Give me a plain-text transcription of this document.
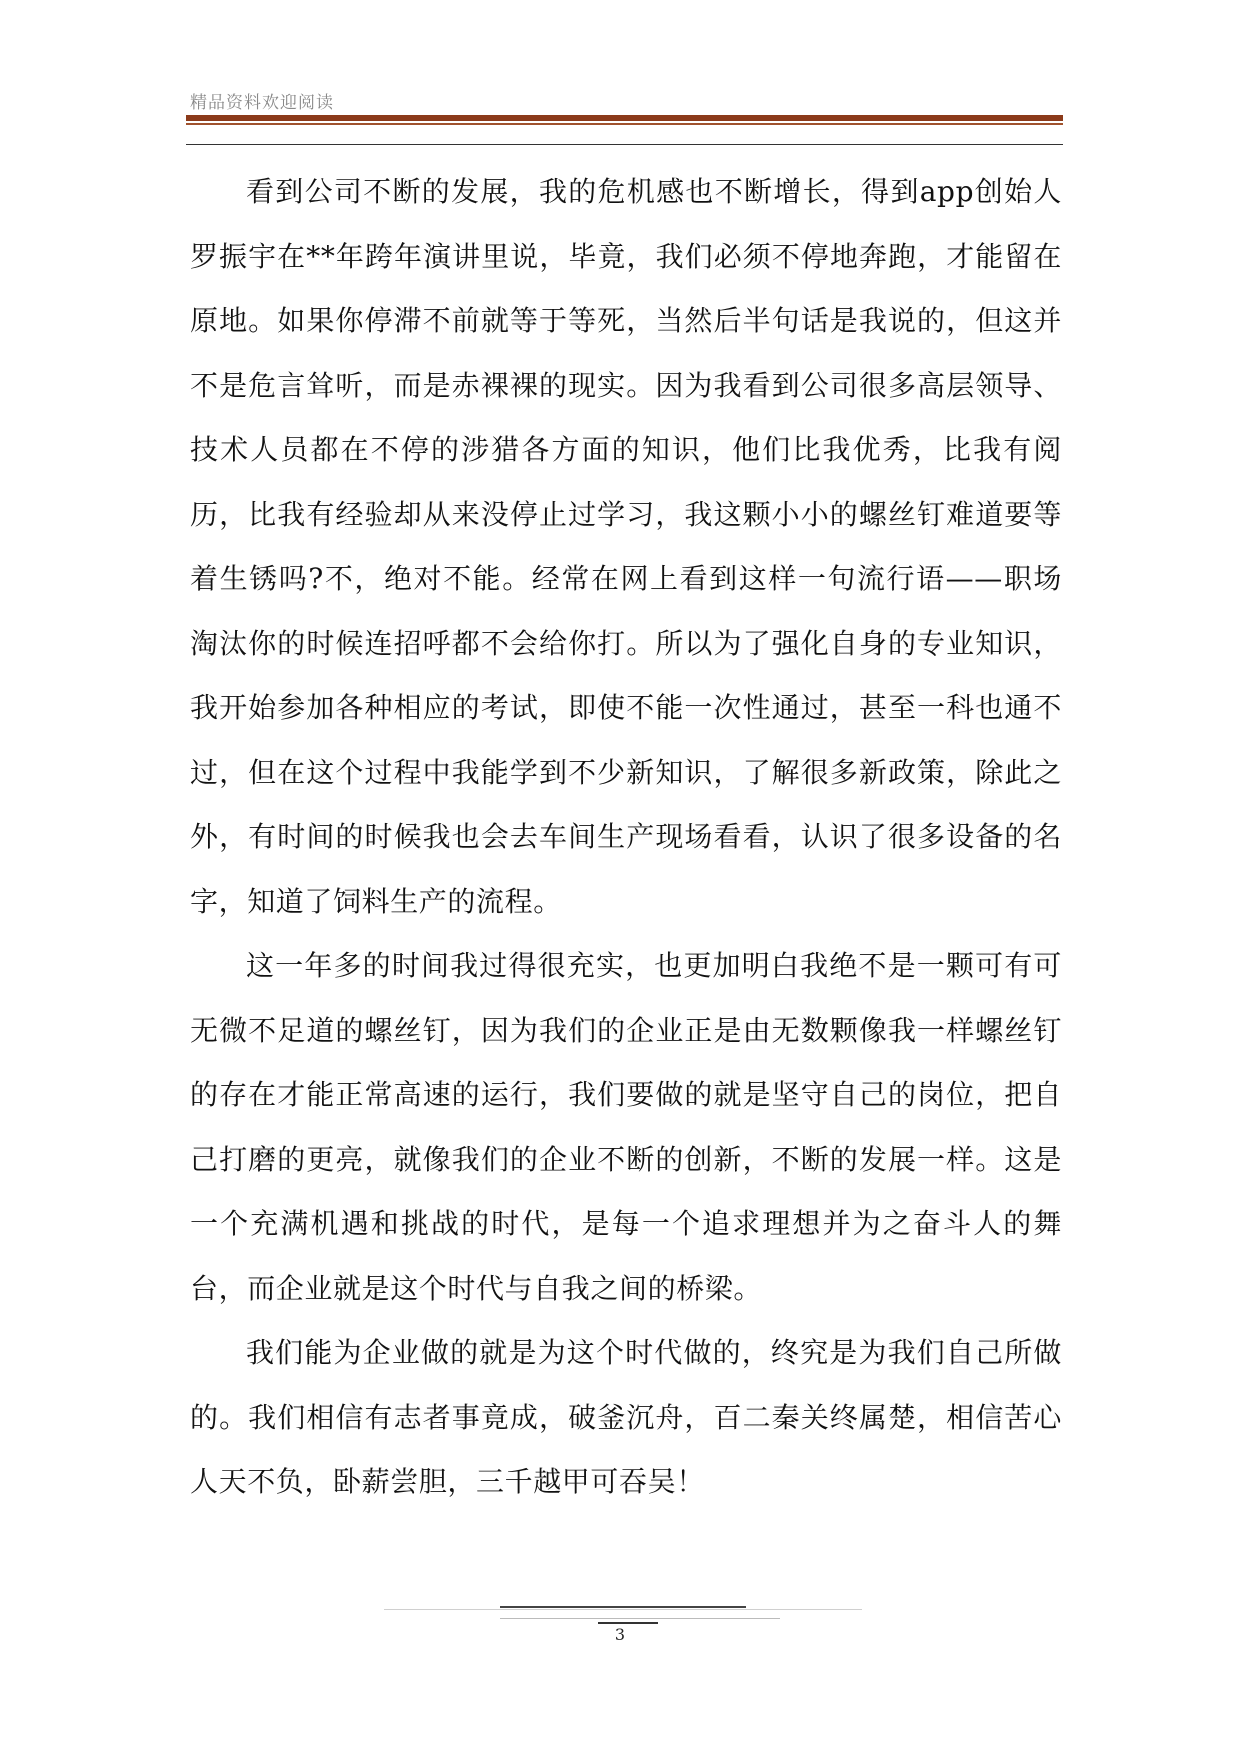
精品资料欢迎阅读

看到公司不断的发展，我的危机感也不断增长，得到app创始人罗振宇在**年跨年演讲里说，毕竟，我们必须不停地奔跑，才能留在原地。如果你停滞不前就等于等死，当然后半句话是我说的，但这并不是危言耸听，而是赤裸裸的现实。因为我看到公司很多高层领导、技术人员都在不停的涉猎各方面的知识，他们比我优秀，比我有阅历，比我有经验却从来没停止过学习，我这颗小小的螺丝钉难道要等着生锈吗?不，绝对不能。经常在网上看到这样一句流行语——职场淘汰你的时候连招呼都不会给你打。所以为了强化自身的专业知识，我开始参加各种相应的考试，即使不能一次性通过，甚至一科也通不过，但在这个过程中我能学到不少新知识，了解很多新政策，除此之外，有时间的时候我也会去车间生产现场看看，认识了很多设备的名字，知道了饲料生产的流程。

这一年多的时间我过得很充实，也更加明白我绝不是一颗可有可无微不足道的螺丝钉，因为我们的企业正是由无数颗像我一样螺丝钉的存在才能正常高速的运行，我们要做的就是坚守自己的岗位，把自己打磨的更亮，就像我们的企业不断的创新，不断的发展一样。这是一个充满机遇和挑战的时代，是每一个追求理想并为之奋斗人的舞台，而企业就是这个时代与自我之间的桥梁。

我们能为企业做的就是为这个时代做的，终究是为我们自己所做的。我们相信有志者事竟成，破釜沉舟，百二秦关终属楚，相信苦心人天不负，卧薪尝胆，三千越甲可吞吴！

3
